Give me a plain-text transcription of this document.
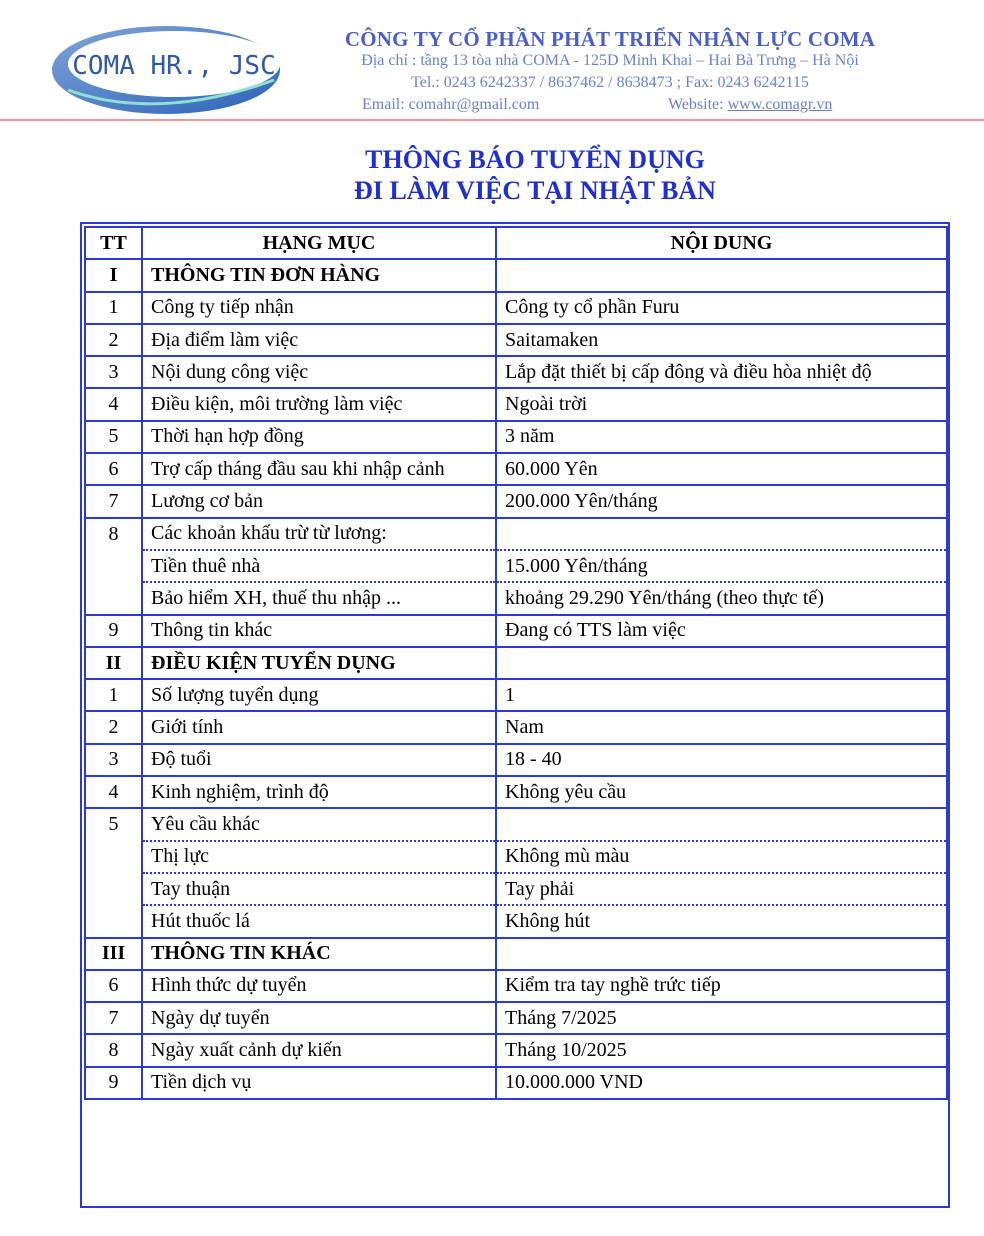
COMA HR., JSC
CÔNG TY CỔ PHẦN PHÁT TRIỂN NHÂN LỰC COMA
Địa chỉ : tầng 13 tòa nhà COMA - 125D Minh Khai – Hai Bà Trưng – Hà Nội
Tel.: 0243 6242337 / 8637462 / 8638473 ; Fax: 0243 6242115
Email: comahr@gmail.com	Website: www.comagr.vn
THÔNG BÁO TUYỂN DỤNG
ĐI LÀM VIỆC TẠI NHẬT BẢN
TT	HẠNG MỤC	NỘI DUNG
I	THÔNG TIN ĐƠN HÀNG	
1	Công ty tiếp nhận	Công ty cổ phần Furu
2	Địa điểm làm việc	Saitamaken
3	Nội dung công việc	Lắp đặt thiết bị cấp đông và điều hòa nhiệt độ
4	Điều kiện, môi trường làm việc	Ngoài trời
5	Thời hạn hợp đồng	3 năm
6	Trợ cấp tháng đầu sau khi nhập cảnh	60.000 Yên
7	Lương cơ bản	200.000 Yên/tháng
8	Các khoản khấu trừ từ lương:	
	Tiền thuê nhà	15.000 Yên/tháng
	Bảo hiểm XH, thuế thu nhập ...	khoảng 29.290 Yên/tháng (theo thực tế)
9	Thông tin khác	Đang có TTS làm việc
II	ĐIỀU KIỆN TUYỂN DỤNG	
1	Số lượng tuyển dụng	1
2	Giới tính	Nam
3	Độ tuổi	18 - 40
4	Kinh nghiệm, trình độ	Không yêu cầu
5	Yêu cầu khác	
	Thị lực	Không mù màu
	Tay thuận	Tay phải
	Hút thuốc lá	Không hút
III	THÔNG TIN KHÁC	
6	Hình thức dự tuyển	Kiểm tra tay nghề trức tiếp
7	Ngày dự tuyển	Tháng 7/2025
8	Ngày xuất cảnh dự kiến	Tháng 10/2025
9	Tiền dịch vụ	10.000.000 VND
